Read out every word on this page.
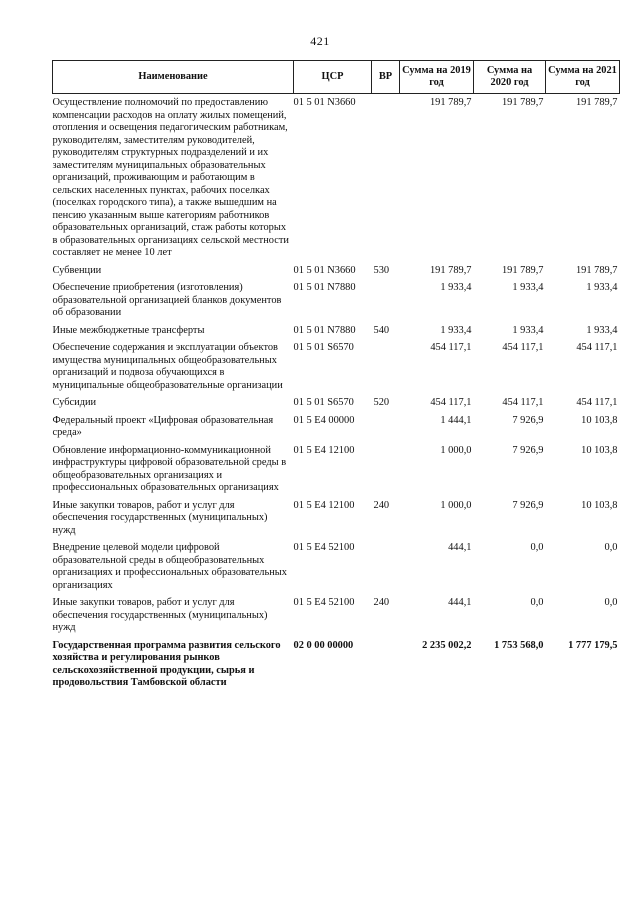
421
Наименование	ЦСР	ВР	Сумма на 2019 год	Сумма на 2020 год	Сумма на 2021 год
Осуществление полномочий по предоставлению компенсации расходов на оплату жилых помещений, отопления и освещения педагогическим работникам, руководителям, заместителям руководителей, руководителям структурных подразделений и их заместителям муниципальных образовательных организаций, проживающим и работающим в сельских населенных пунктах, рабочих поселках (поселках городского типа), а также вышедшим на пенсию указанным выше категориям работников образовательных организаций, стаж работы которых в образовательных организациях сельской местности составляет не менее 10 лет	01 5 01 N3660		191 789,7	191 789,7	191 789,7
Субвенции	01 5 01 N3660	530	191 789,7	191 789,7	191 789,7
Обеспечение приобретения (изготовления) образовательной организацией бланков документов об образовании	01 5 01 N7880		1 933,4	1 933,4	1 933,4
Иные межбюджетные трансферты	01 5 01 N7880	540	1 933,4	1 933,4	1 933,4
Обеспечение содержания и эксплуатации объектов имущества муниципальных общеобразовательных организаций и подвоза обучающихся в муниципальные общеобразовательные организации	01 5 01 S6570		454 117,1	454 117,1	454 117,1
Субсидии	01 5 01 S6570	520	454 117,1	454 117,1	454 117,1
Федеральный проект «Цифровая образовательная среда»	01 5 E4 00000		1 444,1	7 926,9	10 103,8
Обновление информационно-коммуникационной инфраструктуры цифровой образовательной среды в общеобразовательных организациях и профессиональных образовательных организациях	01 5 E4 12100		1 000,0	7 926,9	10 103,8
Иные закупки товаров, работ и услуг для обеспечения государственных (муниципальных) нужд	01 5 E4 12100	240	1 000,0	7 926,9	10 103,8
Внедрение целевой модели цифровой образовательной среды в общеобразовательных организациях и профессиональных образовательных организациях	01 5 E4 52100		444,1	0,0	0,0
Иные закупки товаров, работ и услуг для обеспечения государственных (муниципальных) нужд	01 5 E4 52100	240	444,1	0,0	0,0
Государственная программа развития сельского хозяйства и регулирования рынков сельскохозяйственной продукции, сырья и продовольствия Тамбовской области	02 0 00 00000		2 235 002,2	1 753 568,0	1 777 179,5
